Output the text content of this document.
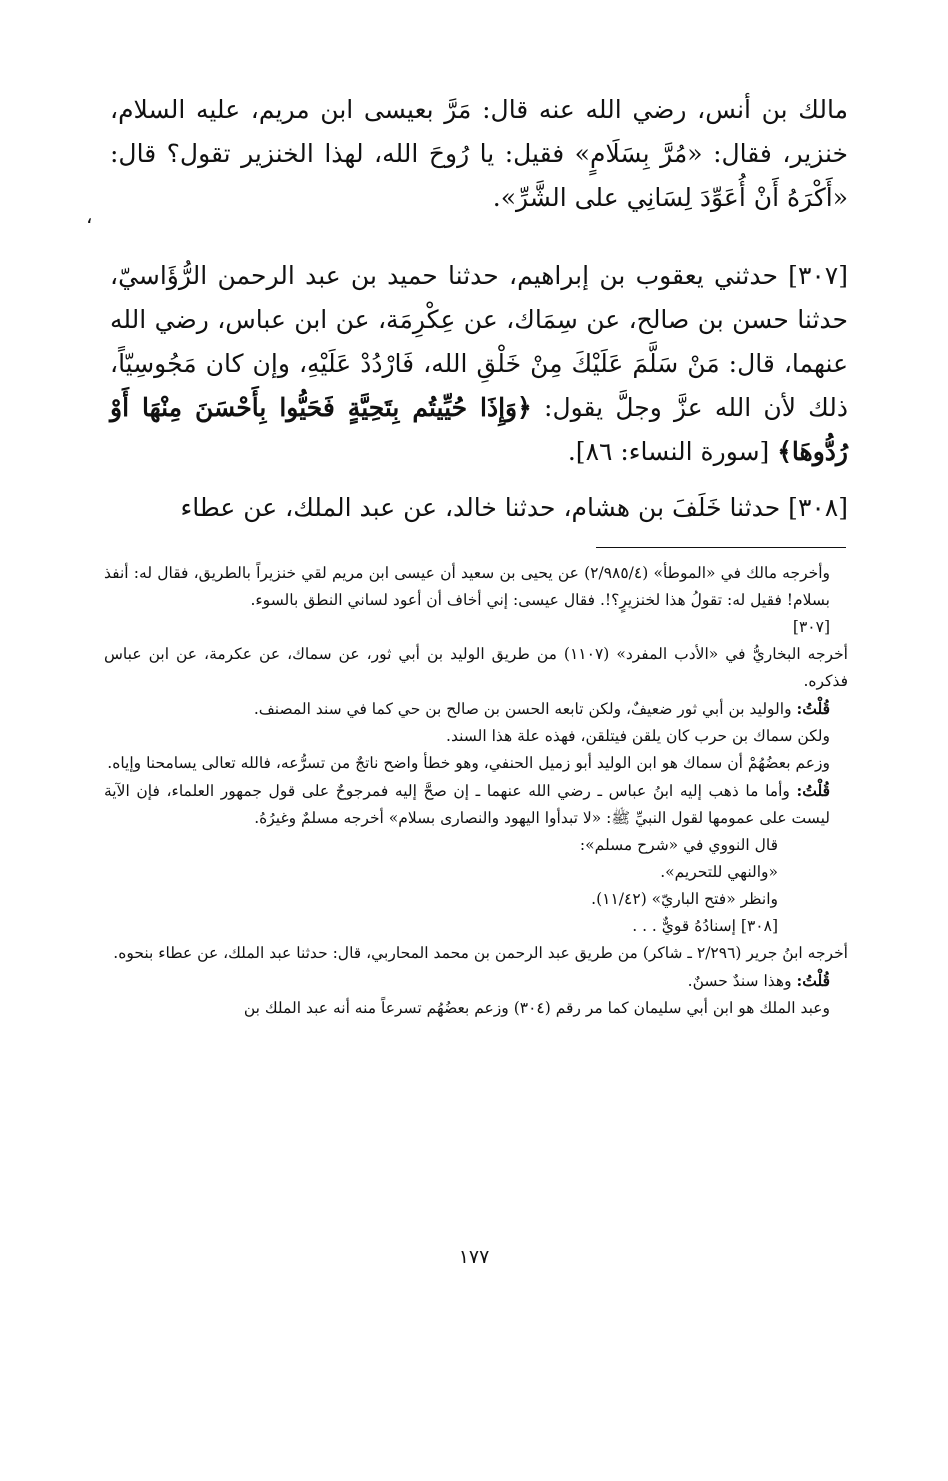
مالك بن أنس، رضي الله عنه قال: مَرَّ بعيسى ابن مريم، عليه السلام، خنزير، فقال: «مُرَّ بِسَلَامٍ» فقيل: يا رُوحَ الله، لهذا الخنزير تقول؟ قال: «أَكْرَهُ أَنْ أُعَوِّدَ لِسَانِي على الشَّرِّ».

[٣٠٧] حدثني يعقوب بن إبراهيم، حدثنا حميد بن عبد الرحمن الرُّؤَاسيّ، حدثنا حسن بن صالح، عن سِمَاك، عن عِكْرِمَة، عن ابن عباس، رضي الله عنهما، قال: مَنْ سَلَّمَ عَلَيْكَ مِنْ خَلْقِ الله، فَارْدُدْ عَلَيْهِ، وإن كان مَجُوسِيّاً، ذلك لأن الله عزَّ وجلَّ يقول: ﴿وَإِذَا حُيِّيتُم بِتَحِيَّةٍ فَحَيُّوا بِأَحْسَنَ مِنْهَا أَوْ رُدُّوهَا﴾ [سورة النساء: ٨٦].

[٣٠٨] حدثنا خَلَفَ بن هشام، حدثنا خالد، عن عبد الملك، عن عطاء

،
وأخرجه مالك في «الموطأ» (٢/٩٨٥/٤) عن يحيى بن سعيد أن عيسى ابن مريم لقي خنزيراً بالطريق، فقال له: أنفذ بسلام! فقيل له: تقولُ هذا لخنزيرٍ؟!. فقال عيسى: إني أخاف أن أعود لساني النطق بالسوء.
[٣٠٧]
أخرجه البخاريُّ في «الأدب المفرد» (١١٠٧) من طريق الوليد بن أبي ثور، عن سماك، عن عكرمة، عن ابن عباس فذكره.
قُلْتُ: والوليد بن أبي ثور ضعيفٌ، ولكن تابعه الحسن بن صالح بن حي كما في سند المصنف.
ولكن سماك بن حرب كان يلقن فيتلقن، فهذه علة هذا السند.
وزعم بعضُهُمْ أن سماك هو ابن الوليد أبو زميل الحنفي، وهو خطأ واضح ناتجٌ من تسرُّعه، فالله تعالى يسامحنا وإياه.
قُلْتُ: وأما ما ذهب إليه ابنُ عباس ـ رضي الله عنهما ـ إن صحَّ إليه فمرجوحٌ على قول جمهور العلماء، فإن الآية ليست على عمومها لقول النبيِّ ﷺ: «لا تبدأوا اليهود والنصارى بسلام» أخرجه مسلمٌ وغيرُهُ.
قال النووي في «شرح مسلم»:
«والنهي للتحريم».
وانظر «فتح الباريّ» (١١/٤٢).
[٣٠٨] إسنادُهُ قويٌّ . . .
أخرجه ابنُ جرير (٢/٢٩٦ ـ شاكر) من طريق عبد الرحمن بن محمد المحاربي، قال: حدثنا عبد الملك، عن عطاء بنحوه.
قُلْتُ: وهذا سندٌ حسنٌ.
وعبد الملك هو ابن أبي سليمان كما مر رقم (٣٠٤) وزعم بعضُهُم تسرعاً منه أنه عبد الملك بن
١٧٧
